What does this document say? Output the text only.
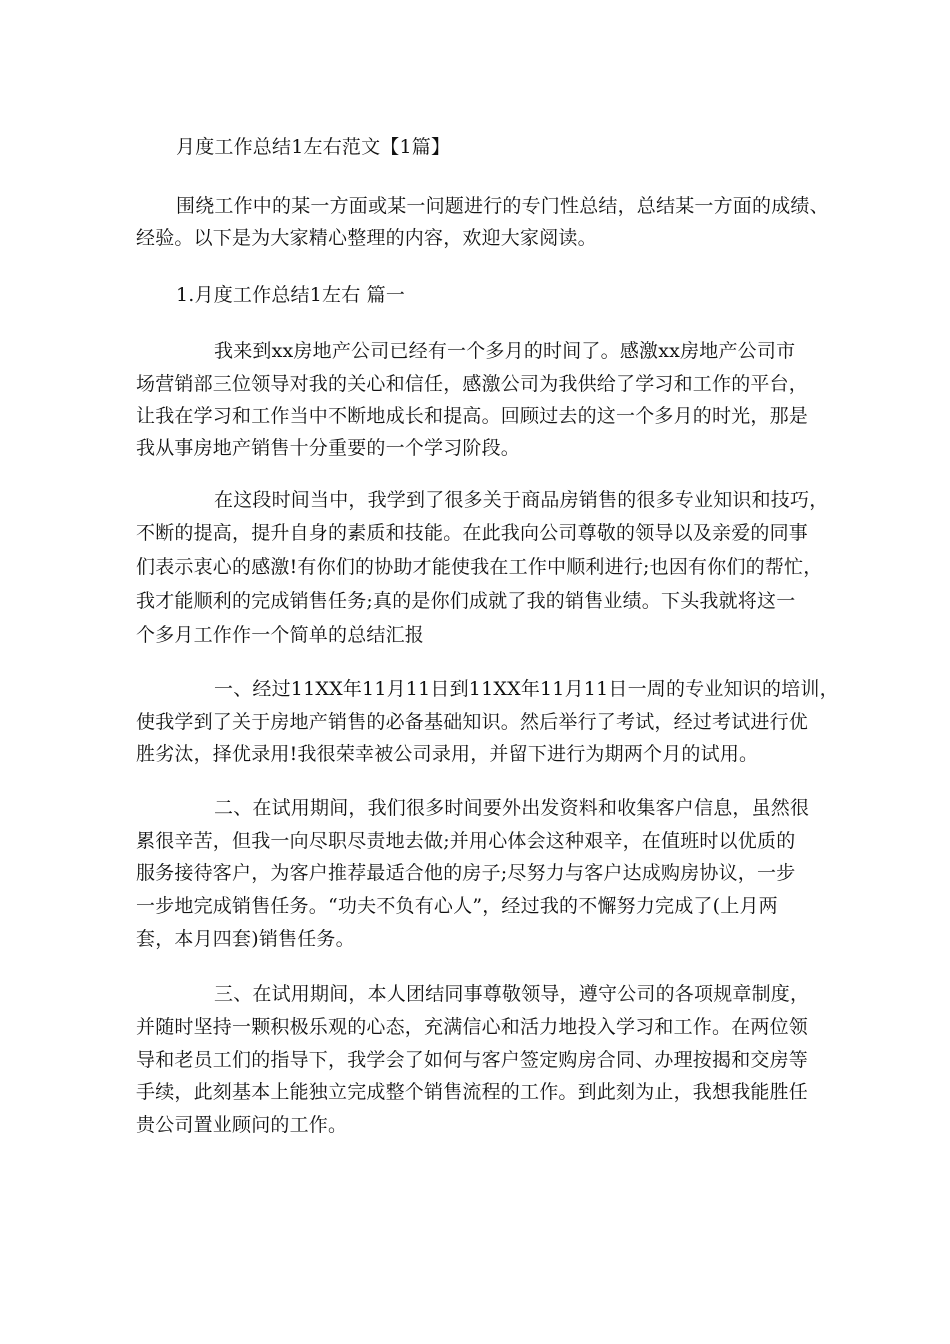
月度工作总结1左右范文【1篇】
围绕工作中的某一方面或某一问题进行的专门性总结，总结某一方面的成绩、
经验。以下是为大家精心整理的内容，欢迎大家阅读。
1.月度工作总结1左右 篇一
我来到xx房地产公司已经有一个多月的时间了。感激xx房地产公司市
场营销部三位领导对我的关心和信任，感激公司为我供给了学习和工作的平台，
让我在学习和工作当中不断地成长和提高。回顾过去的这一个多月的时光，那是
我从事房地产销售十分重要的一个学习阶段。
在这段时间当中，我学到了很多关于商品房销售的很多专业知识和技巧，
不断的提高，提升自身的素质和技能。在此我向公司尊敬的领导以及亲爱的同事
们表示衷心的感激!有你们的协助才能使我在工作中顺利进行;也因有你们的帮忙，
我才能顺利的完成销售任务;真的是你们成就了我的销售业绩。下头我就将这一
个多月工作作一个简单的总结汇报
一、经过11XX年11月11日到11XX年11月11日一周的专业知识的培训，
使我学到了关于房地产销售的必备基础知识。然后举行了考试，经过考试进行优
胜劣汰，择优录用!我很荣幸被公司录用，并留下进行为期两个月的试用。
二、在试用期间，我们很多时间要外出发资料和收集客户信息，虽然很
累很辛苦，但我一向尽职尽责地去做;并用心体会这种艰辛，在值班时以优质的
服务接待客户，为客户推荐最适合他的房子;尽努力与客户达成购房协议，一步
一步地完成销售任务。“功夫不负有心人”，经过我的不懈努力完成了(上月两
套，本月四套)销售任务。
三、在试用期间，本人团结同事尊敬领导，遵守公司的各项规章制度，
并随时坚持一颗积极乐观的心态，充满信心和活力地投入学习和工作。在两位领
导和老员工们的指导下，我学会了如何与客户签定购房合同、办理按揭和交房等
手续，此刻基本上能独立完成整个销售流程的工作。到此刻为止，我想我能胜任
贵公司置业顾问的工作。
